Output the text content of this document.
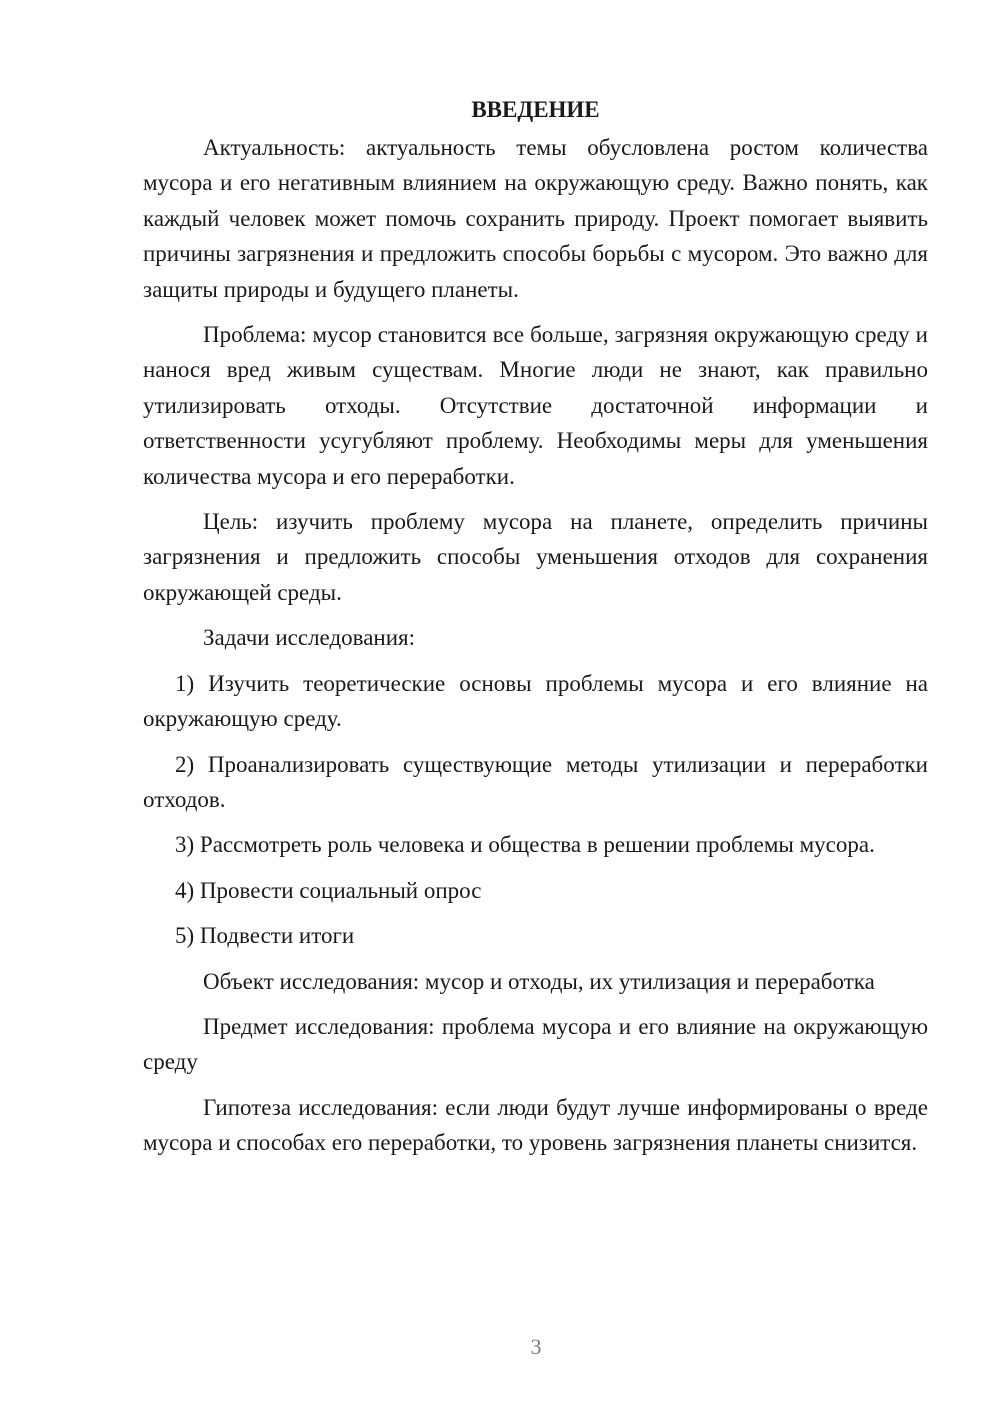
ВВЕДЕНИЕ

Актуальность: актуальность темы обусловлена ростом количества мусора и его негативным влиянием на окружающую среду. Важно понять, как каждый человек может помочь сохранить природу. Проект помогает выявить причины загрязнения и предложить способы борьбы с мусором. Это важно для защиты природы и будущего планеты.

Проблема: мусор становится все больше, загрязняя окружающую среду и нанося вред живым существам. Многие люди не знают, как правильно утилизировать отходы. Отсутствие достаточной информации и ответственности усугубляют проблему. Необходимы меры для уменьшения количества мусора и его переработки.

Цель: изучить проблему мусора на планете, определить причины загрязнения и предложить способы уменьшения отходов для сохранения окружающей среды.

Задачи исследования:

1) Изучить теоретические основы проблемы мусора и его влияние на окружающую среду.

2) Проанализировать существующие методы утилизации и переработки отходов.

3) Рассмотреть роль человека и общества в решении проблемы мусора.

4) Провести социальный опрос

5) Подвести итоги

Объект исследования: мусор и отходы, их утилизация и переработка

Предмет исследования: проблема мусора и его влияние на окружающую среду

Гипотеза исследования: если люди будут лучше информированы о вреде мусора и способах его переработки, то уровень загрязнения планеты снизится.

3
